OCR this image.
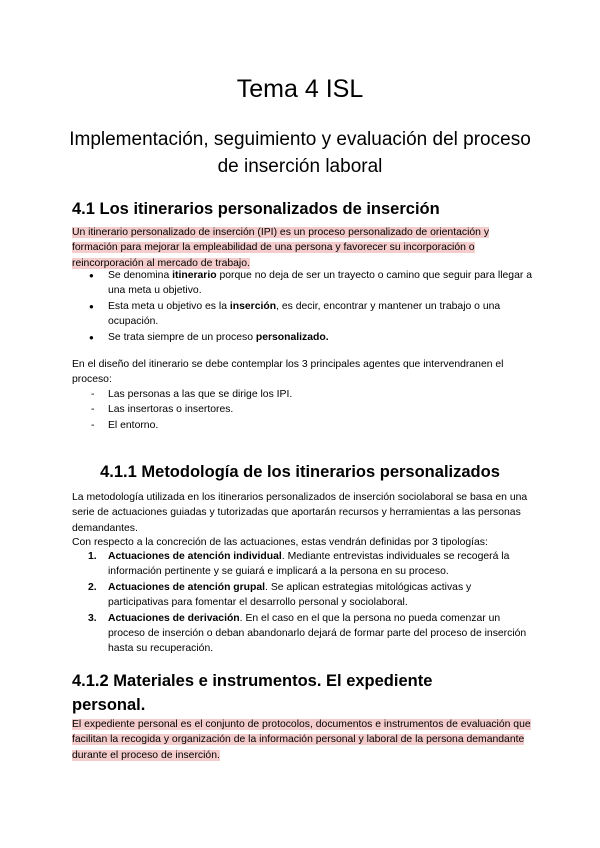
Tema 4 ISL
Implementación, seguimiento y evaluación del proceso de inserción laboral
4.1 Los itinerarios personalizados de inserción
Un itinerario personalizado de inserción (IPI) es un proceso personalizado de orientación y formación para mejorar la empleabilidad de una persona y favorecer su incorporación o reincorporación al mercado de trabajo.
● Se denomina itinerario porque no deja de ser un trayecto o camino que seguir para llegar a una meta u objetivo.
● Esta meta u objetivo es la inserción, es decir, encontrar y mantener un trabajo o una ocupación.
● Se trata siempre de un proceso personalizado.
En el diseño del itinerario se debe contemplar los 3 principales agentes que intervendranen el proceso:
- Las personas a las que se dirige los IPI.
- Las insertoras o insertores.
- El entorno.
4.1.1 Metodología de los itinerarios personalizados
La metodología utilizada en los itinerarios personalizados de inserción sociolaboral se basa en una serie de actuaciones guiadas y tutorizadas que aportarán recursos y herramientas a las personas demandantes.
Con respecto a la concreción de las actuaciones, estas vendrán definidas por 3 tipologías:
1. Actuaciones de atención individual. Mediante entrevistas individuales se recogerá la información pertinente y se guiará e implicará a la persona en su proceso.
2. Actuaciones de atención grupal. Se aplican estrategias mitológicas activas y participativas para fomentar el desarrollo personal y sociolaboral.
3. Actuaciones de derivación. En el caso en el que la persona no pueda comenzar un proceso de inserción o deban abandonarlo dejará de formar parte del proceso de inserción hasta su recuperación.
4.1.2 Materiales e instrumentos. El expediente personal.
El expediente personal es el conjunto de protocolos, documentos e instrumentos de evaluación que facilitan la recogida y organización de la información personal y laboral de la persona demandante durante el proceso de inserción.
